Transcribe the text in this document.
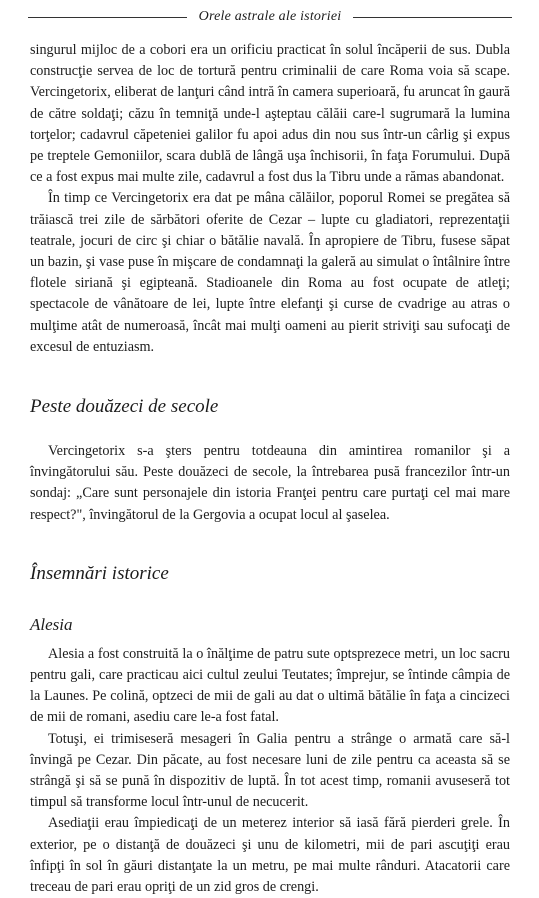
Orele astrale ale istoriei

singurul mijloc de a cobori era un orificiu practicat în solul încăperii de sus. Dubla construcţie servea de loc de tortură pentru criminalii de care Roma voia să scape. Vercingetorix, eliberat de lanţuri când intră în camera superioară, fu aruncat în gaură de către soldaţi; căzu în temniţă unde-l aşteptau călăii care-l sugrumară la lumina torţelor; cadavrul căpeteniei galilor fu apoi adus din nou sus într-un cârlig şi expus pe treptele Gemoniilor, scara dublă de lângă uşa închisorii, în faţa Forumului. După ce a fost expus mai multe zile, cadavrul a fost dus la Tibru unde a rămas abandonat.

În timp ce Vercingetorix era dat pe mâna călăilor, poporul Romei se pregătea să trăiască trei zile de sărbători oferite de Cezar – lupte cu gladiatori, reprezentaţii teatrale, jocuri de circ şi chiar o bătălie navală. În apropiere de Tibru, fusese săpat un bazin, şi vase puse în mişcare de condamnaţi la galeră au simulat o întâlnire între flotele siriană şi egipteană. Stadioanele din Roma au fost ocupate de atleţi; spectacole de vânătoare de lei, lupte între elefanţi şi curse de cvadrige au atras o mulţime atât de numeroasă, încât mai mulţi oameni au pierit striviţi sau sufocaţi de excesul de entuziasm.

Peste douăzeci de secole

Vercingetorix s-a şters pentru totdeauna din amintirea romanilor şi a învingătorului său. Peste douăzeci de secole, la întrebarea pusă francezilor într-un sondaj: „Care sunt personajele din istoria Franţei pentru care purtaţi cel mai mare respect?", învingătorul de la Gergovia a ocupat locul al şaselea.

Însemnări istorice
Alesia

Alesia a fost construită la o înălţime de patru sute optsprezece metri, un loc sacru pentru gali, care practicau aici cultul zeului Teutates; împrejur, se întinde câmpia de la Launes. Pe colină, optzeci de mii de gali au dat o ultimă bătălie în faţa a cincizeci de mii de romani, asediu care le-a fost fatal.

Totuşi, ei trimiseseră mesageri în Galia pentru a strânge o armată care să-l învingă pe Cezar. Din păcate, au fost necesare luni de zile pentru ca aceasta să se strângă şi să se pună în dispozitiv de luptă. În tot acest timp, romanii avuseseră tot timpul să transforme locul într-unul de necucerit.

Asediaţii erau împiedicaţi de un meterez interior să iasă fără pierderi grele. În exterior, pe o distanţă de douăzeci şi unu de kilometri, mii de pari ascuţiţi erau înfipţi în sol în găuri distanţate la un metru, pe mai multe rânduri. Atacatorii care treceau de pari erau opriţi de un zid gros de crengi.
